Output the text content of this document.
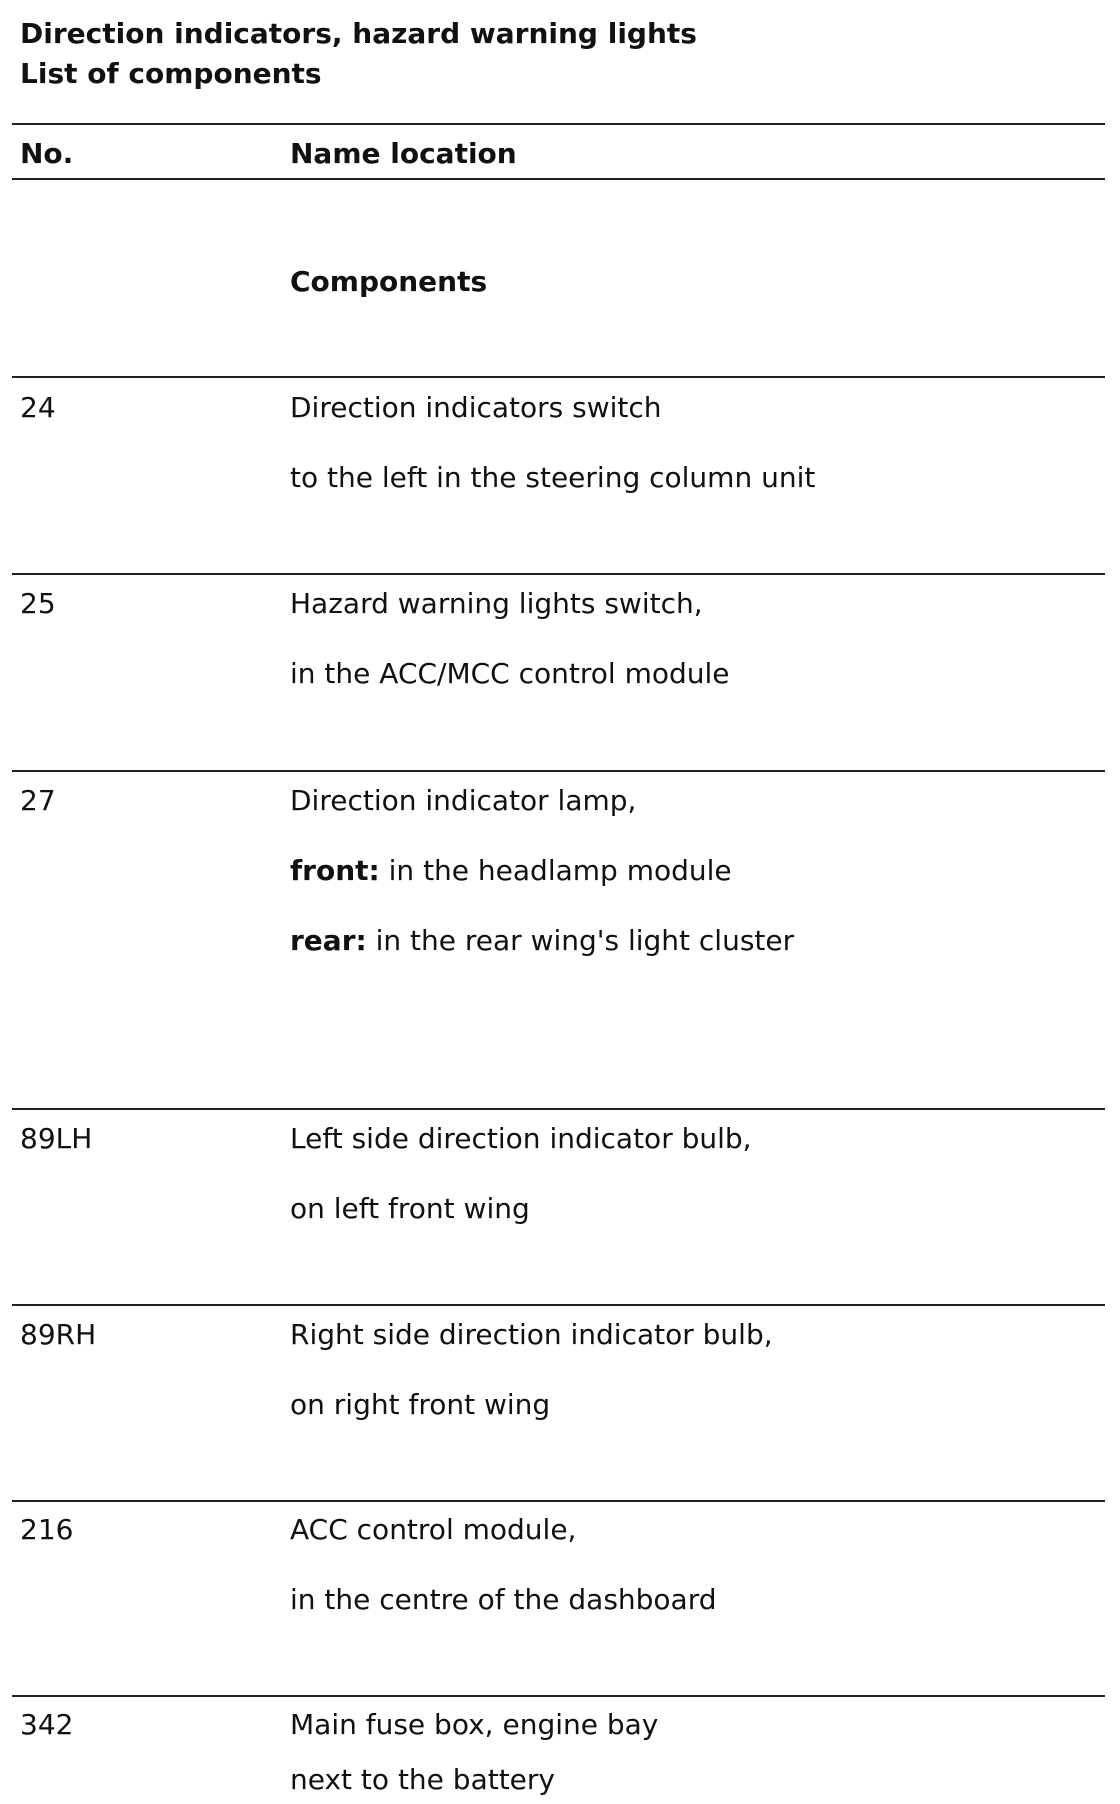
Direction indicators, hazard warning lights
List of components
No.	Name location
Components
24	Direction indicators switch
to the left in the steering column unit
25	Hazard warning lights switch,
in the ACC/MCC control module
27	Direction indicator lamp,
front: in the headlamp module
rear: in the rear wing's light cluster
89LH	Left side direction indicator bulb,
on left front wing
89RH	Right side direction indicator bulb,
on right front wing
216	ACC control module,
in the centre of the dashboard
342	Main fuse box, engine bay
next to the battery
